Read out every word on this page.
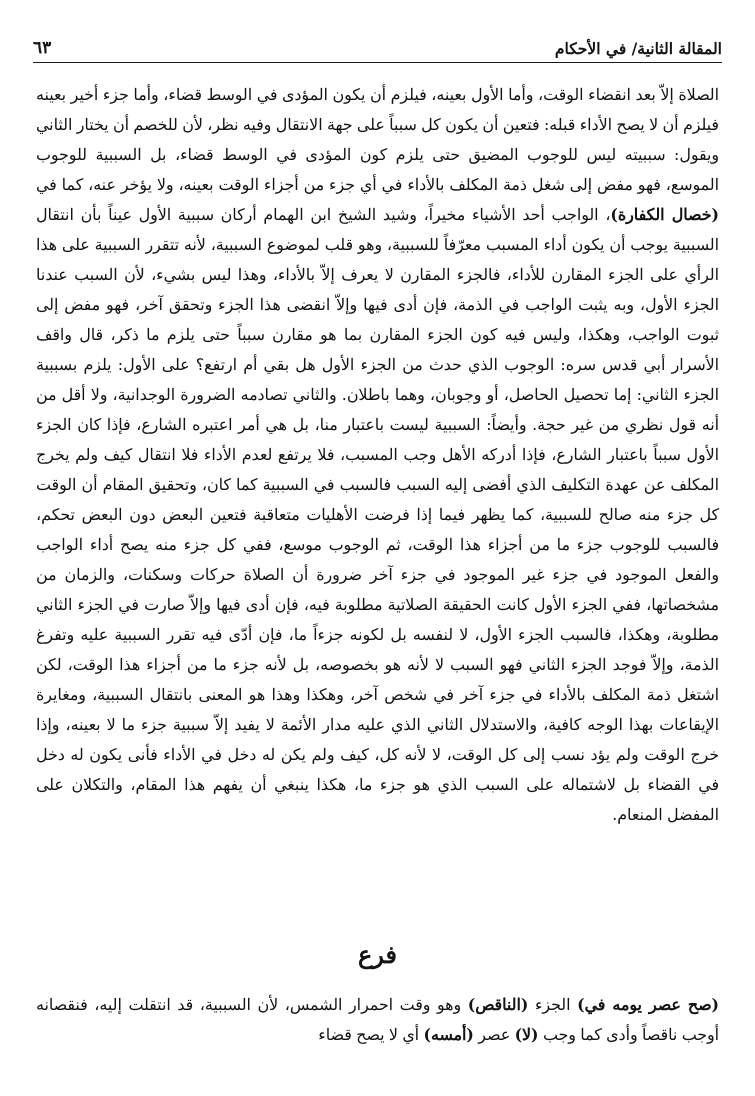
المقالة الثانية/ في الأحكام
٦٣

الصلاة إلاّ بعد انقضاء الوقت، وأما الأول بعينه، فيلزم أن يكون المؤدى في الوسط قضاء، وأما جزء أخير بعينه فيلزم أن لا يصح الأداء قبله: فتعين أن يكون كل سبباً على جهة الانتقال وفيه نظر، لأن للخصم أن يختار الثاني ويقول: سببيته ليس للوجوب المضيق حتى يلزم كون المؤدى في الوسط قضاء، بل السببية للوجوب الموسع، فهو مفض إلى شغل ذمة المكلف بالأداء في أي جزء من أجزاء الوقت بعينه، ولا يؤخر عنه، كما في (خصال الكفارة)، الواجب أحد الأشياء مخيراً، وشيد الشيخ ابن الهمام أركان سببية الأول عيناً بأن انتقال السببية يوجب أن يكون أداء المسبب معرّفاً للسببية، وهو قلب لموضوع السببية، لأنه تتقرر السببية على هذا الرأي على الجزء المقارن للأداء، فالجزء المقارن لا يعرف إلاّ بالأداء، وهذا ليس بشيء، لأن السبب عندنا الجزء الأول، وبه يثبت الواجب في الذمة، فإن أدى فيها وإلاّ انقضى هذا الجزء وتحقق آخر، فهو مفض إلى ثبوت الواجب، وهكذا، وليس فيه كون الجزء المقارن بما هو مقارن سبباً حتى يلزم ما ذكر، قال واقف الأسرار أبي قدس سره: الوجوب الذي حدث من الجزء الأول هل بقي أم ارتفع؟ على الأول: يلزم بسببية الجزء الثاني: إما تحصيل الحاصل، أو وجوبان، وهما باطلان. والثاني تصادمه الضرورة الوجدانية، ولا أقل من أنه قول نظري من غير حجة. وأيضاً: السببية ليست باعتبار منا، بل هي أمر اعتبره الشارع، فإذا كان الجزء الأول سبباً باعتبار الشارع، فإذا أدركه الأهل وجب المسبب، فلا يرتفع لعدم الأداء فلا انتقال كيف ولم يخرج المكلف عن عهدة التكليف الذي أفضى إليه السبب فالسبب في السببية كما كان، وتحقيق المقام أن الوقت كل جزء منه صالح للسببية، كما يظهر فيما إذا فرضت الأهليات متعاقبة فتعين البعض دون البعض تحكم، فالسبب للوجوب جزء ما من أجزاء هذا الوقت، ثم الوجوب موسع، ففي كل جزء منه يصح أداء الواجب والفعل الموجود في جزء غير الموجود في جزء آخر ضرورة أن الصلاة حركات وسكنات، والزمان من مشخصاتها، ففي الجزء الأول كانت الحقيقة الصلاتية مطلوبة فيه، فإن أدى فيها وإلاّ صارت في الجزء الثاني مطلوبة، وهكذا، فالسبب الجزء الأول، لا لنفسه بل لكونه جزءاً ما، فإن أدّى فيه تقرر السببية عليه وتفرغ الذمة، وإلاّ فوجد الجزء الثاني فهو السبب لا لأنه هو بخصوصه، بل لأنه جزء ما من أجزاء هذا الوقت، لكن اشتغل ذمة المكلف بالأداء في جزء آخر في شخص آخر، وهكذا وهذا هو المعنى بانتقال السببية، ومغايرة الإيقاعات بهذا الوجه كافية، والاستدلال الثاني الذي عليه مدار الأئمة لا يفيد إلاّ سببية جزء ما لا بعينه، وإذا خرج الوقت ولم يؤد نسب إلى كل الوقت، لا لأنه كل، كيف ولم يكن له دخل في الأداء فأنى يكون له دخل في القضاء بل لاشتماله على السبب الذي هو جزء ما، هكذا ينبغي أن يفهم هذا المقام، والتكلان على المفضل المنعام.

فرع

(صح عصر يومه في) الجزء (الناقص) وهو وقت احمرار الشمس، لأن السببية، قد انتقلت إليه، فنقصانه أوجب ناقصاً وأدى كما وجب (لا) عصر (أمسه) أي لا يصح قضاء
